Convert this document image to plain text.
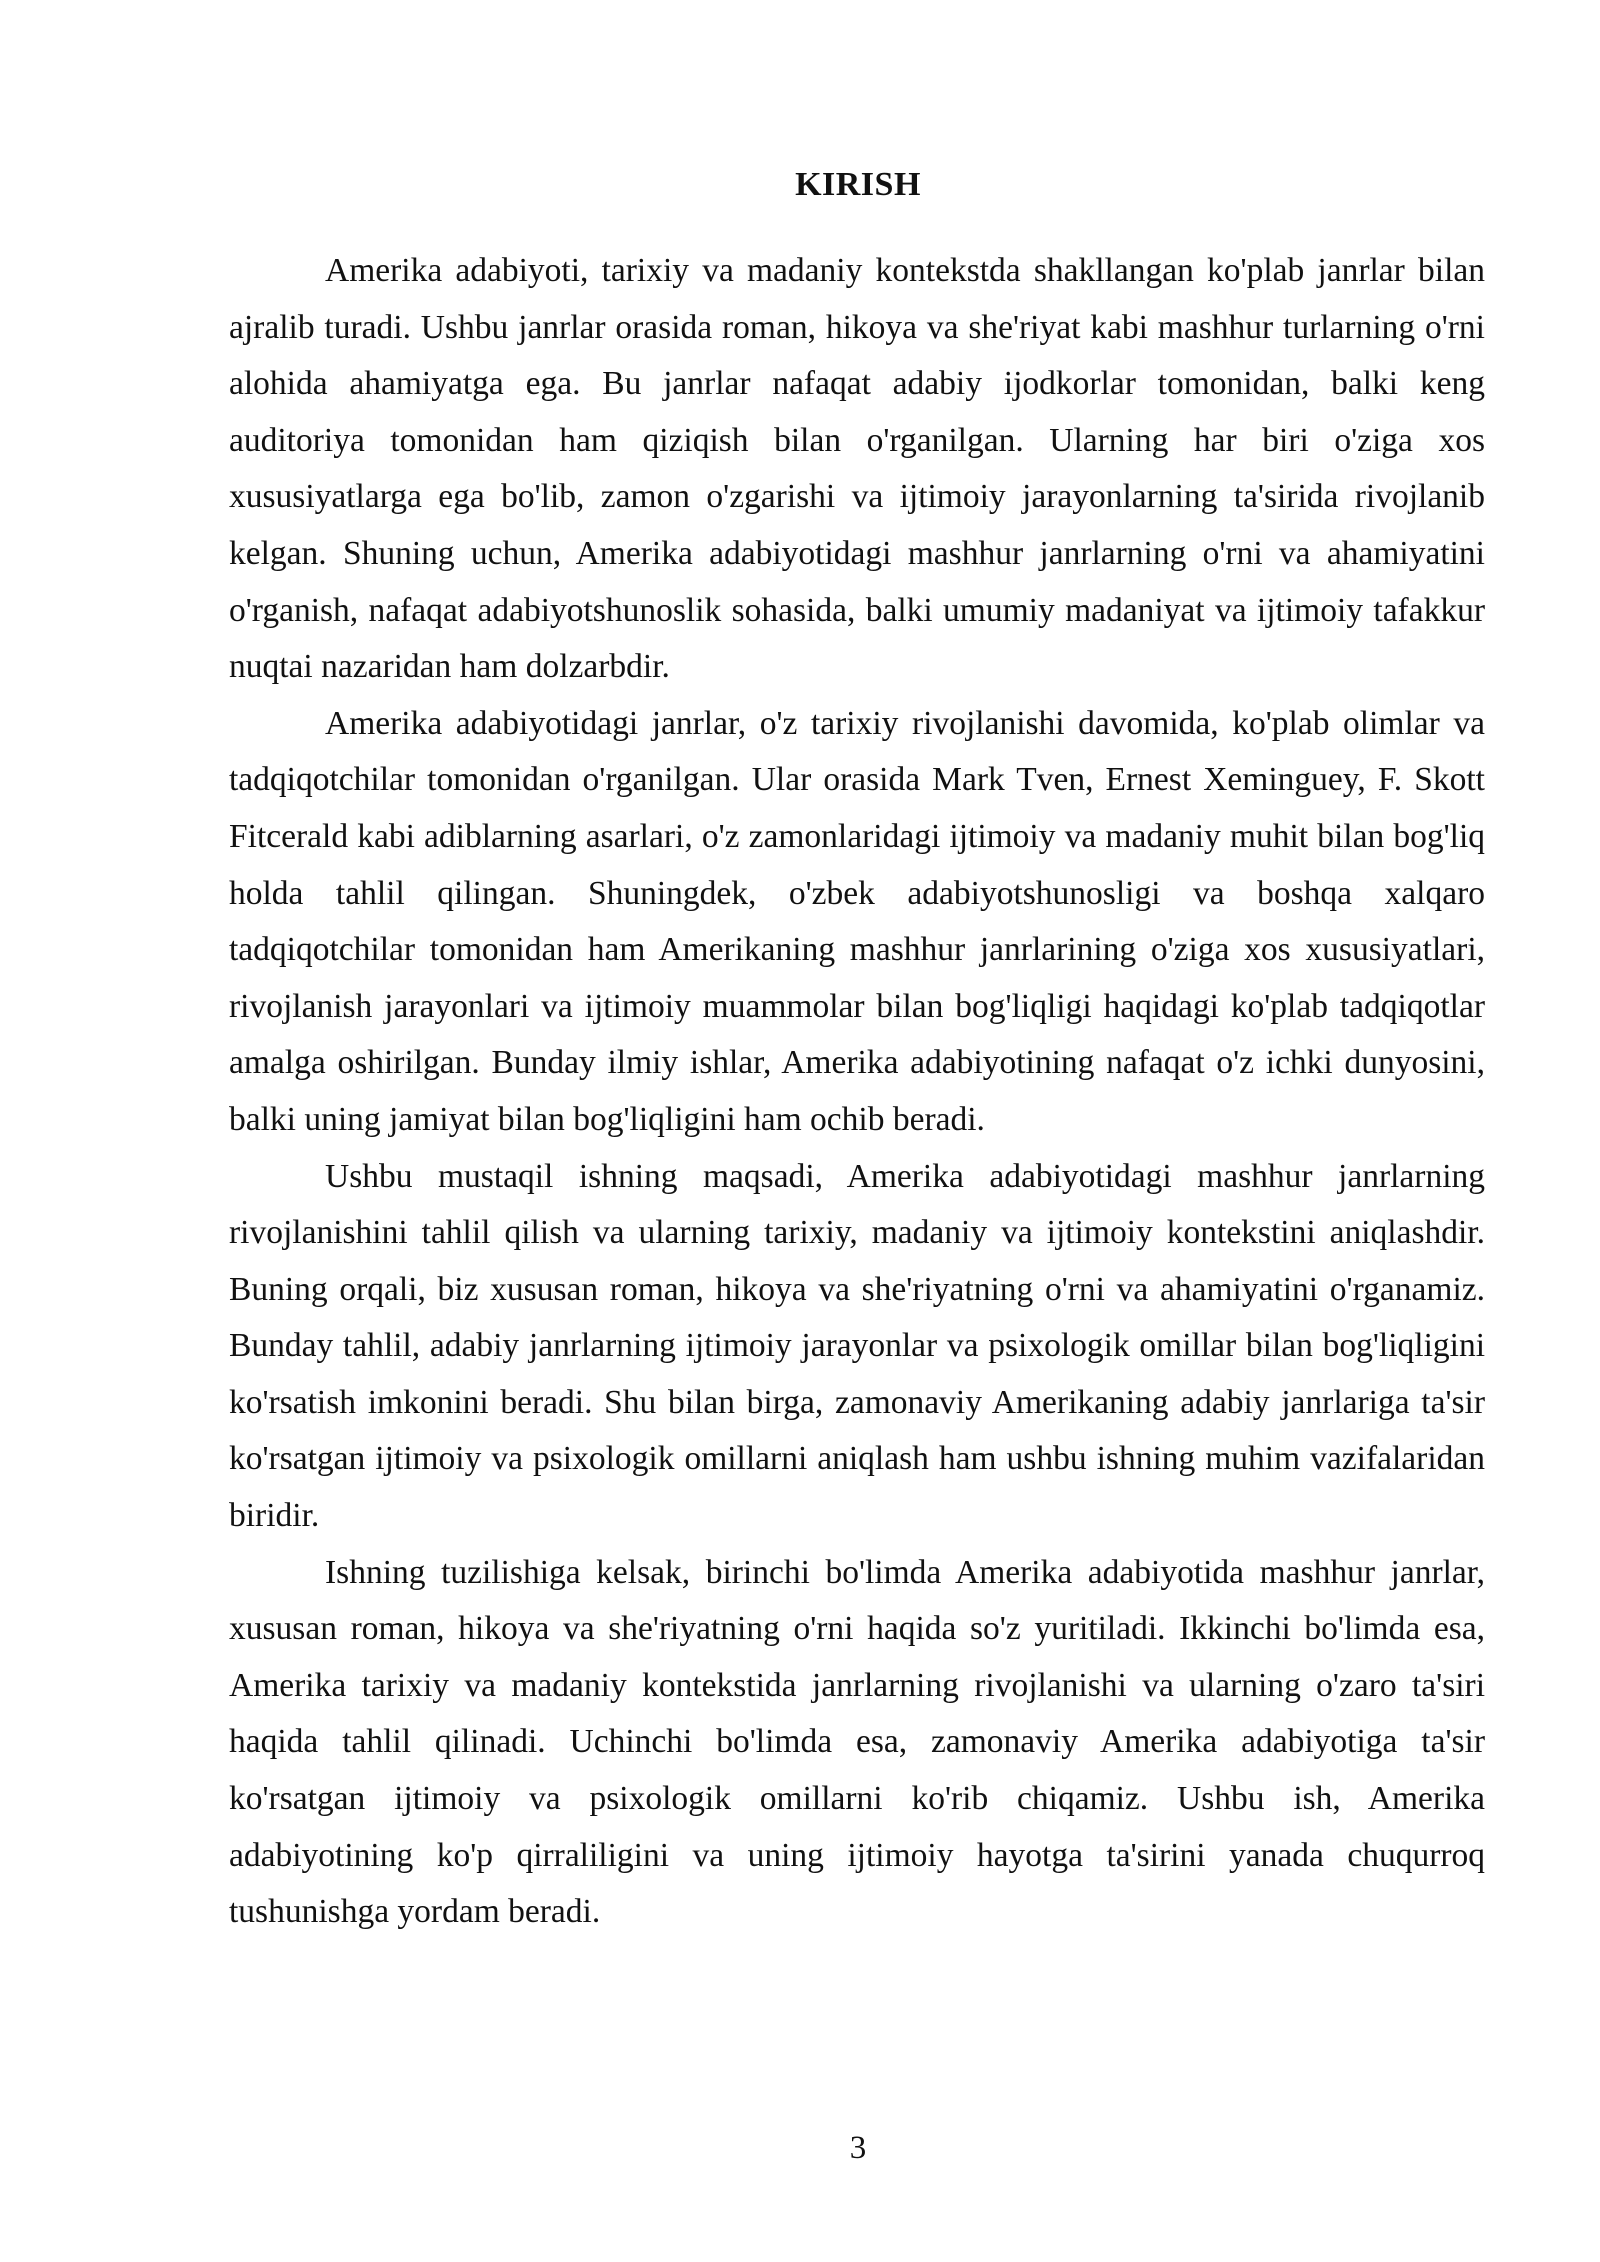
KIRISH

Amerika adabiyoti, tarixiy va madaniy kontekstda shakllangan ko'plab janrlar bilan ajralib turadi. Ushbu janrlar orasida roman, hikoya va she'riyat kabi mashhur turlarning o'rni alohida ahamiyatga ega. Bu janrlar nafaqat adabiy ijodkorlar tomonidan, balki keng auditoriya tomonidan ham qiziqish bilan o'rganilgan. Ularning har biri o'ziga xos xususiyatlarga ega bo'lib, zamon o'zgarishi va ijtimoiy jarayonlarning ta'sirida rivojlanib kelgan. Shuning uchun, Amerika adabiyotidagi mashhur janrlarning o'rni va ahamiyatini o'rganish, nafaqat adabiyotshunoslik sohasida, balki umumiy madaniyat va ijtimoiy tafakkur nuqtai nazaridan ham dolzarbdir.

Amerika adabiyotidagi janrlar, o'z tarixiy rivojlanishi davomida, ko'plab olimlar va tadqiqotchilar tomonidan o'rganilgan. Ular orasida Mark Tven, Ernest Xeminguey, F. Skott Fitcerald kabi adiblarning asarlari, o'z zamonlaridagi ijtimoiy va madaniy muhit bilan bog'liq holda tahlil qilingan. Shuningdek, o'zbek adabiyotshunosligi va boshqa xalqaro tadqiqotchilar tomonidan ham Amerikaning mashhur janrlarining o'ziga xos xususiyatlari, rivojlanish jarayonlari va ijtimoiy muammolar bilan bog'liqligi haqidagi ko'plab tadqiqotlar amalga oshirilgan. Bunday ilmiy ishlar, Amerika adabiyotining nafaqat o'z ichki dunyosini, balki uning jamiyat bilan bog'liqligini ham ochib beradi.

Ushbu mustaqil ishning maqsadi, Amerika adabiyotidagi mashhur janrlarning rivojlanishini tahlil qilish va ularning tarixiy, madaniy va ijtimoiy kontekstini aniqlashdir. Buning orqali, biz xususan roman, hikoya va she'riyatning o'rni va ahamiyatini o'rganamiz. Bunday tahlil, adabiy janrlarning ijtimoiy jarayonlar va psixologik omillar bilan bog'liqligini ko'rsatish imkonini beradi. Shu bilan birga, zamonaviy Amerikaning adabiy janrlariga ta'sir ko'rsatgan ijtimoiy va psixologik omillarni aniqlash ham ushbu ishning muhim vazifalaridan biridir.

Ishning tuzilishiga kelsak, birinchi bo'limda Amerika adabiyotida mashhur janrlar, xususan roman, hikoya va she'riyatning o'rni haqida so'z yuritiladi. Ikkinchi bo'limda esa, Amerika tarixiy va madaniy kontekstida janrlarning rivojlanishi va ularning o'zaro ta'siri haqida tahlil qilinadi. Uchinchi bo'limda esa, zamonaviy Amerika adabiyotiga ta'sir ko'rsatgan ijtimoiy va psixologik omillarni ko'rib chiqamiz. Ushbu ish, Amerika adabiyotining ko'p qirraliligini va uning ijtimoiy hayotga ta'sirini yanada chuqurroq tushunishga yordam beradi.

3
